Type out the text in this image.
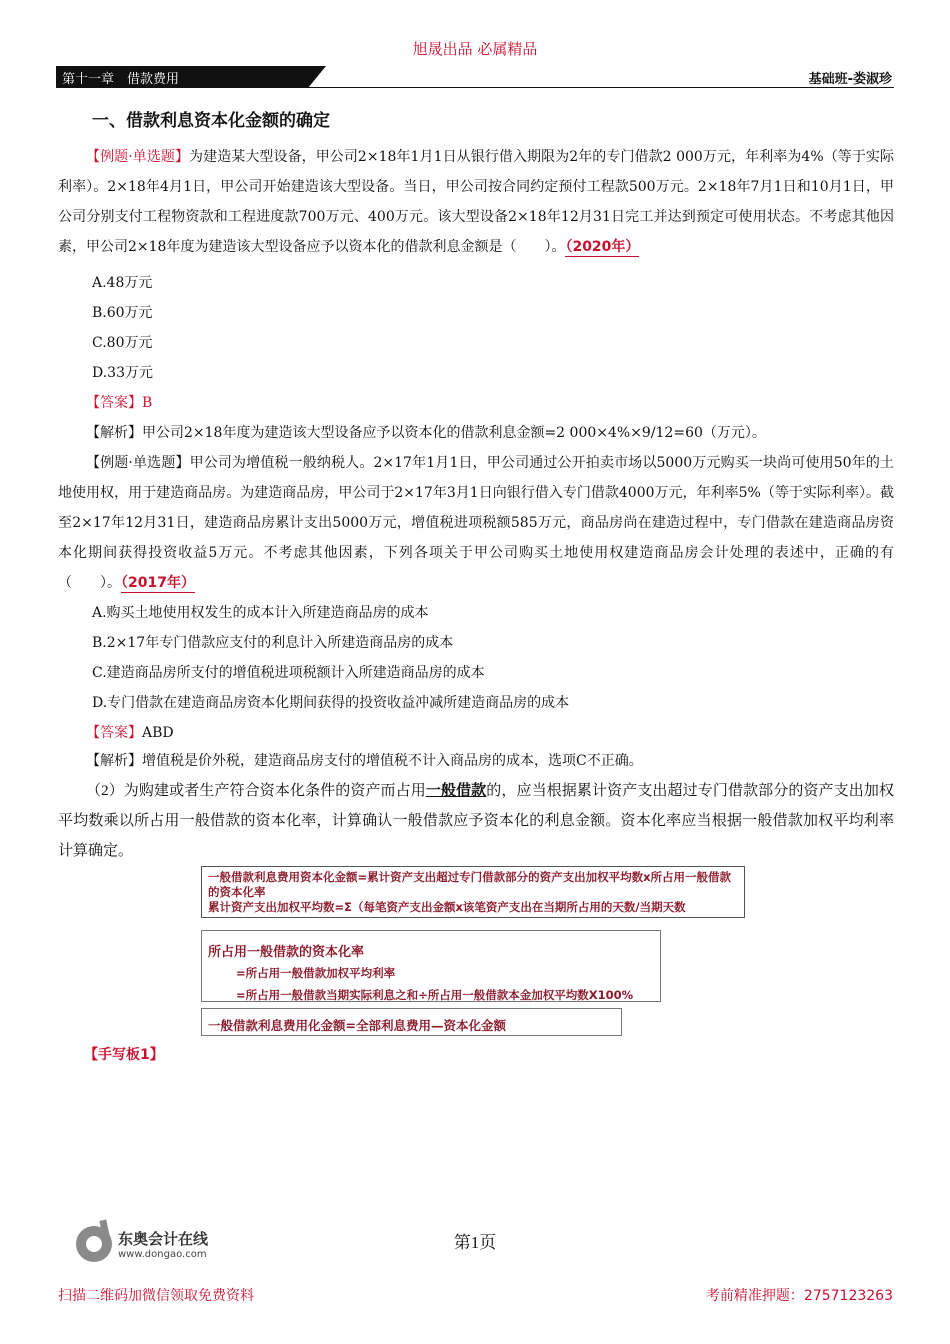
旭晟出品 必属精品
第十一章　借款费用	基础班-娄淑珍
一、借款利息资本化金额的确定
【例题·单选题】为建造某大型设备，甲公司2×18年1月1日从银行借入期限为2年的专门借款2 000万元，年利率为4%（等于实际利率）。2×18年4月1日，甲公司开始建造该大型设备。当日，甲公司按合同约定预付工程款500万元。2×18年7月1日和10月1日，甲公司分别支付工程物资款和工程进度款700万元、400万元。该大型设备2×18年12月31日完工并达到预定可使用状态。不考虑其他因素，甲公司2×18年度为建造该大型设备应予以资本化的借款利息金额是（　　）。（2020年）
A.48万元
B.60万元
C.80万元
D.33万元
【答案】B
【解析】甲公司2×18年度为建造该大型设备应予以资本化的借款利息金额=2 000×4%×9/12=60（万元）。
【例题·单选题】甲公司为增值税一般纳税人。2×17年1月1日，甲公司通过公开拍卖市场以5000万元购买一块尚可使用50年的土地使用权，用于建造商品房。为建造商品房，甲公司于2×17年3月1日向银行借入专门借款4000万元，年利率5%（等于实际利率）。截至2×17年12月31日，建造商品房累计支出5000万元，增值税进项税额585万元，商品房尚在建造过程中，专门借款在建造商品房资本化期间获得投资收益5万元。不考虑其他因素，下列各项关于甲公司购买土地使用权建造商品房会计处理的表述中，正确的有（　　）。（2017年）
A.购买土地使用权发生的成本计入所建造商品房的成本
B.2×17年专门借款应支付的利息计入所建造商品房的成本
C.建造商品房所支付的增值税进项税额计入所建造商品房的成本
D.专门借款在建造商品房资本化期间获得的投资收益冲减所建造商品房的成本
【答案】ABD
【解析】增值税是价外税，建造商品房支付的增值税不计入商品房的成本，选项C不正确。
（2）为购建或者生产符合资本化条件的资产而占用一般借款的，应当根据累计资产支出超过专门借款部分的资产支出加权平均数乘以所占用一般借款的资本化率，计算确认一般借款应予资本化的利息金额。资本化率应当根据一般借款加权平均利率计算确定。
一般借款利息费用资本化金额=累计资产支出超过专门借款部分的资产支出加权平均数x所占用一般借款的资本化率
累计资产支出加权平均数=Σ（每笔资产支出金额x该笔资产支出在当期所占用的天数/当期天数
所占用一般借款的资本化率
=所占用一般借款加权平均利率
=所占用一般借款当期实际利息之和÷所占用一般借款本金加权平均数X100%
一般借款利息费用化金额=全部利息费用—资本化金额
【手写板1】
东奥会计在线
www.dongao.com
第1页
扫描二维码加微信领取免费资料	考前精准押题：2757123263
